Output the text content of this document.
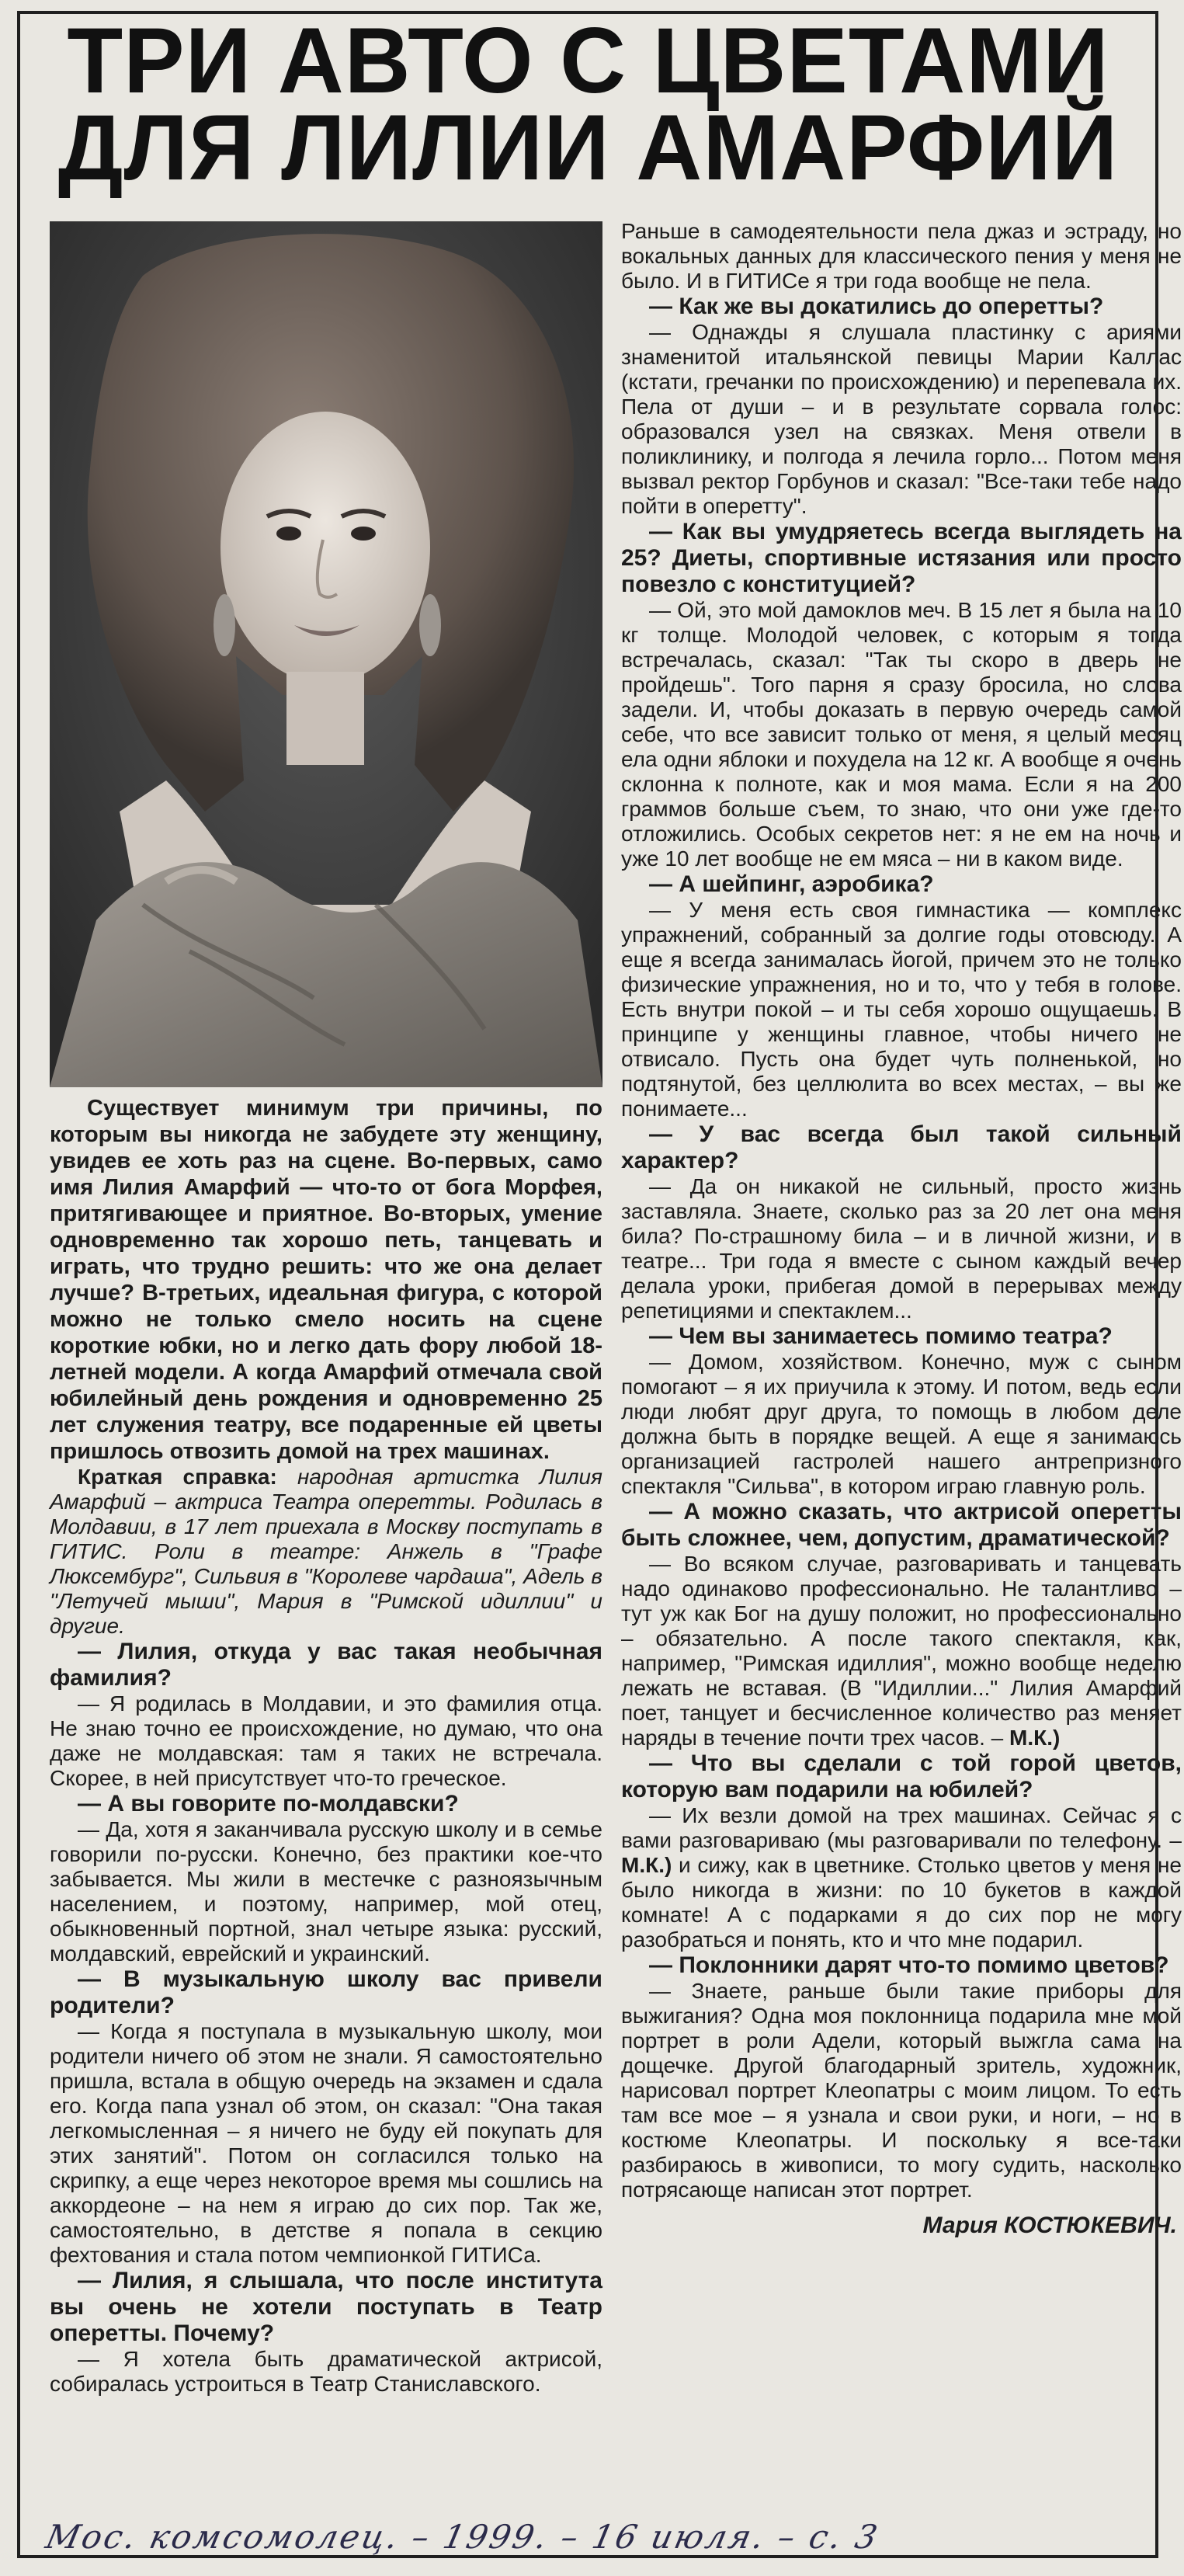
ТРИ АВТО С ЦВЕТАМИ
ДЛЯ ЛИЛИИ АМАРФИЙ

Существует минимум три причины, по которым вы никогда не забудете эту женщину, увидев ее хоть раз на сцене. Во-первых, само имя Лилия Амарфий — что-то от бога Морфея, притягивающее и приятное. Во-вторых, умение одновременно так хорошо петь, танцевать и играть, что трудно решить: что же она делает лучше? В-третьих, идеальная фигура, с которой можно не только смело носить на сцене короткие юбки, но и легко дать фору любой 18-летней модели. А когда Амарфий отмечала свой юбилейный день рождения и одновременно 25 лет служения театру, все подаренные ей цветы пришлось отвозить домой на трех машинах.

Краткая справка: народная артистка Лилия Амарфий – актриса Театра оперетты. Родилась в Молдавии, в 17 лет приехала в Москву поступать в ГИТИС. Роли в театре: Анжель в "Графе Люксембург", Сильвия в "Королеве чардаша", Адель в "Летучей мыши", Мария в "Римской идиллии" и другие.

— Лилия, откуда у вас такая необычная фамилия?

— Я родилась в Молдавии, и это фамилия отца. Не знаю точно ее происхождение, но думаю, что она даже не молдавская: там я таких не встречала. Скорее, в ней присутствует что-то греческое.

— А вы говорите по-молдавски?

— Да, хотя я заканчивала русскую школу и в семье говорили по-русски. Конечно, без практики кое-что забывается. Мы жили в местечке с разноязычным населением, и поэтому, например, мой отец, обыкновенный портной, знал четыре языка: русский, молдавский, еврейский и украинский.

— В музыкальную школу вас привели родители?

— Когда я поступала в музыкальную школу, мои родители ничего об этом не знали. Я самостоятельно пришла, встала в общую очередь на экзамен и сдала его. Когда папа узнал об этом, он сказал: "Она такая легкомысленная – я ничего не буду ей покупать для этих занятий". Потом он согласился только на скрипку, а еще через некоторое время мы сошлись на аккордеоне – на нем я играю до сих пор. Так же, самостоятельно, в детстве я попала в секцию фехтования и стала потом чемпионкой ГИТИСа.

— Лилия, я слышала, что после института вы очень не хотели поступать в Театр оперетты. Почему?

— Я хотела быть драматической актрисой, собиралась устроиться в Театр Станиславского.

Раньше в самодеятельности пела джаз и эстраду, но вокальных данных для классического пения у меня не было. И в ГИТИСе я три года вообще не пела.

— Как же вы докатились до оперетты?

— Однажды я слушала пластинку с ариями знаменитой итальянской певицы Марии Каллас (кстати, гречанки по происхождению) и перепевала их. Пела от души – и в результате сорвала голос: образовался узел на связках. Меня отвели в поликлинику, и полгода я лечила горло... Потом меня вызвал ректор Горбунов и сказал: "Все-таки тебе надо пойти в оперетту".

— Как вы умудряетесь всегда выглядеть на 25? Диеты, спортивные истязания или просто повезло с конституцией?

— Ой, это мой дамоклов меч. В 15 лет я была на 10 кг толще. Молодой человек, с которым я тогда встречалась, сказал: "Так ты скоро в дверь не пройдешь". Того парня я сразу бросила, но слова задели. И, чтобы доказать в первую очередь самой себе, что все зависит только от меня, я целый месяц ела одни яблоки и похудела на 12 кг. А вообще я очень склонна к полноте, как и моя мама. Если я на 200 граммов больше съем, то знаю, что они уже где-то отложились. Особых секретов нет: я не ем на ночь и уже 10 лет вообще не ем мяса – ни в каком виде.

— А шейпинг, аэробика?

— У меня есть своя гимнастика — комплекс упражнений, собранный за долгие годы отовсюду. А еще я всегда занималась йогой, причем это не только физические упражнения, но и то, что у тебя в голове. Есть внутри покой – и ты себя хорошо ощущаешь. В принципе у женщины главное, чтобы ничего не отвисало. Пусть она будет чуть полненькой, но подтянутой, без целлюлита во всех местах, – вы же понимаете...

— У вас всегда был такой сильный характер?

— Да он никакой не сильный, просто жизнь заставляла. Знаете, сколько раз за 20 лет она меня била? По-страшному била – и в личной жизни, и в театре... Три года я вместе с сыном каждый вечер делала уроки, прибегая домой в перерывах между репетициями и спектаклем...

— Чем вы занимаетесь помимо театра?

— Домом, хозяйством. Конечно, муж с сыном помогают – я их приучила к этому. И потом, ведь если люди любят друг друга, то помощь в любом деле должна быть в порядке вещей. А еще я занимаюсь организацией гастролей нашего антрепризного спектакля "Сильва", в котором играю главную роль.

— А можно сказать, что актрисой оперетты быть сложнее, чем, допустим, драматической?

— Во всяком случае, разговаривать и танцевать надо одинаково профессионально. Не талантливо – тут уж как Бог на душу положит, но профессионально – обязательно. А после такого спектакля, как, например, "Римская идиллия", можно вообще неделю лежать не вставая. (В "Идиллии..." Лилия Амарфий поет, танцует и бесчисленное количество раз меняет наряды в течение почти трех часов. – М.К.)

— Что вы сделали с той горой цветов, которую вам подарили на юбилей?

— Их везли домой на трех машинах. Сейчас я с вами разговариваю (мы разговаривали по телефону. – М.К.) и сижу, как в цветнике. Столько цветов у меня не было никогда в жизни: по 10 букетов в каждой комнате! А с подарками я до сих пор не могу разобраться и понять, кто и что мне подарил.

— Поклонники дарят что-то помимо цветов?

— Знаете, раньше были такие приборы для выжигания? Одна моя поклонница подарила мне мой портрет в роли Адели, который выжгла сама на дощечке. Другой благодарный зритель, художник, нарисовал портрет Клеопатры с моим лицом. То есть там все мое – я узнала и свои руки, и ноги, – но в костюме Клеопатры. И поскольку я все-таки разбираюсь в живописи, то могу судить, насколько потрясающе написан этот портрет.

Мария КОСТЮКЕВИЧ.

Мос. комсомолец. – 1999. – 16 июля. – с. 3
